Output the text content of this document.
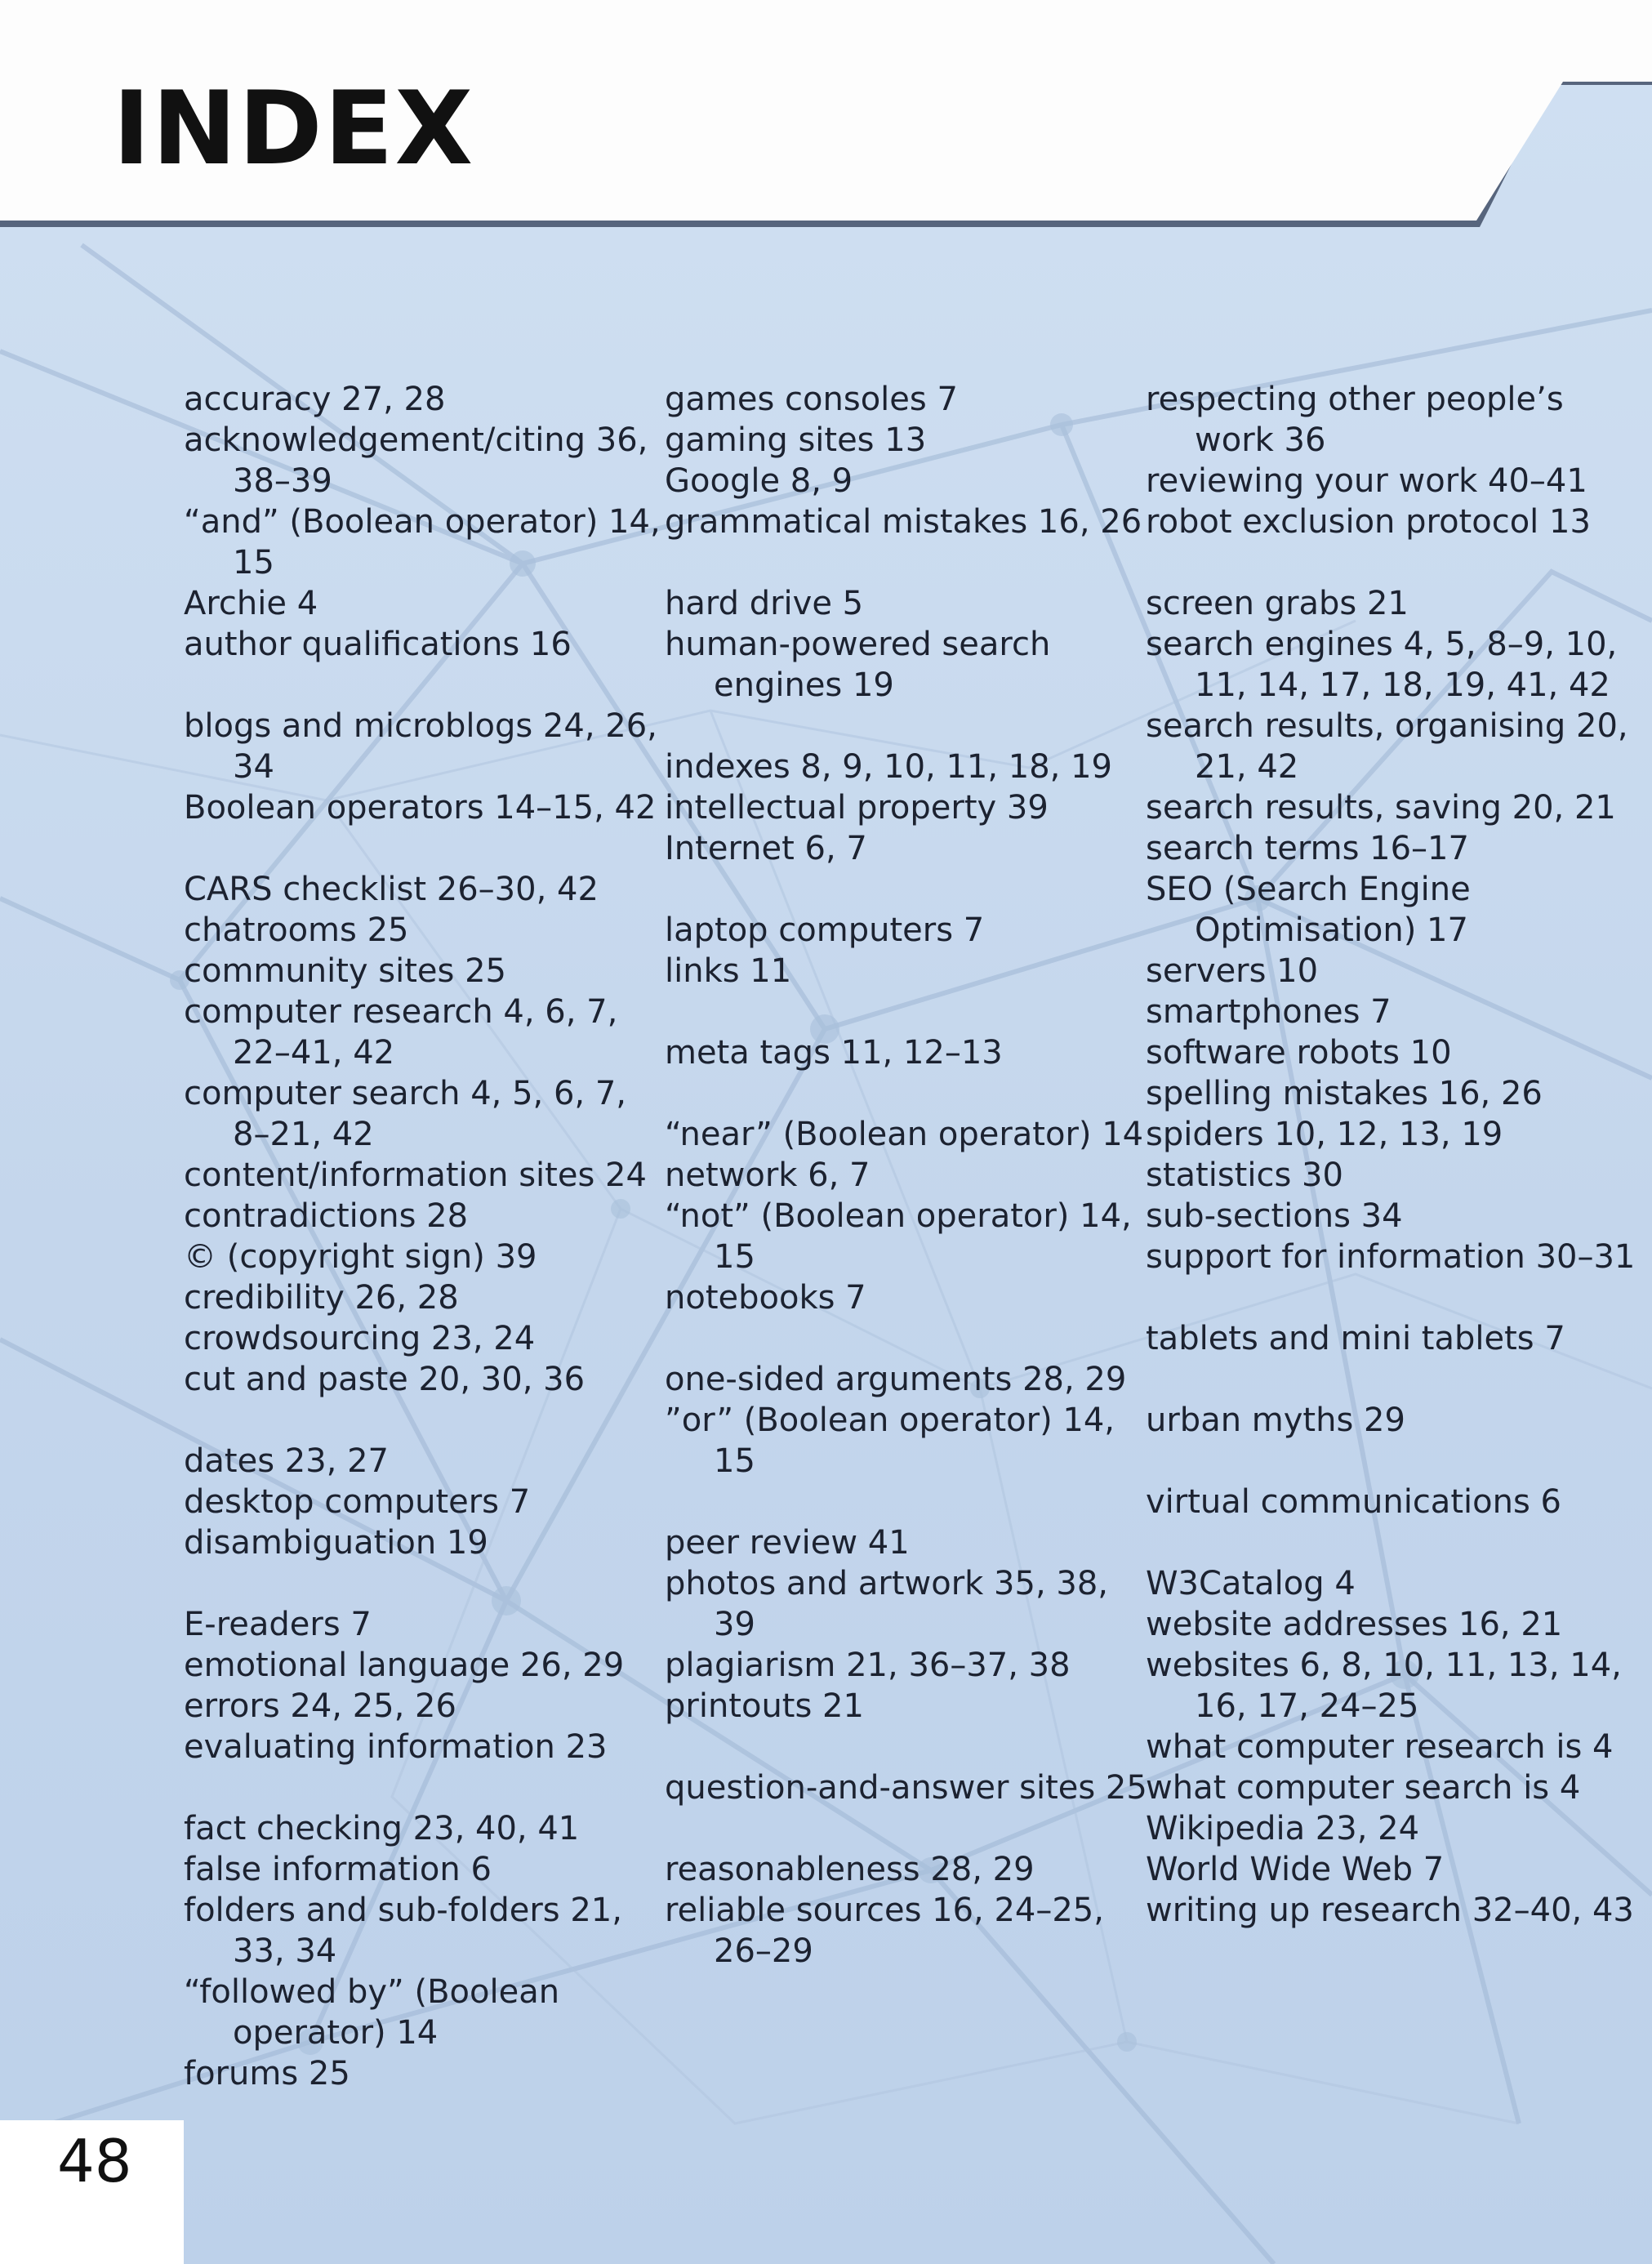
INDEX
accuracy 27, 28
acknowledgement/citing 36, 38–39
“and” (Boolean operator) 14, 15
Archie 4
author qualifications 16
blogs and microblogs 24, 26, 34
Boolean operators 14–15, 42
CARS checklist 26–30, 42
chatrooms 25
community sites 25
computer research 4, 6, 7, 22–41, 42
computer search 4, 5, 6, 7, 8–21, 42
content/information sites 24
contradictions 28
© (copyright sign) 39
credibility 26, 28
crowdsourcing 23, 24
cut and paste 20, 30, 36
dates 23, 27
desktop computers 7
disambiguation 19
E-readers 7
emotional language 26, 29
errors 24, 25, 26
evaluating information 23
fact checking 23, 40, 41
false information 6
folders and sub-folders 21, 33, 34
“followed by” (Boolean operator) 14
forums 25
games consoles 7
gaming sites 13
Google 8, 9
grammatical mistakes 16, 26
hard drive 5
human-powered search engines 19
indexes 8, 9, 10, 11, 18, 19
intellectual property 39
Internet 6, 7
laptop computers 7
links 11
meta tags 11, 12–13
“near” (Boolean operator) 14
network 6, 7
“not” (Boolean operator) 14, 15
notebooks 7
one-sided arguments 28, 29
”or” (Boolean operator) 14, 15
peer review 41
photos and artwork 35, 38, 39
plagiarism 21, 36–37, 38
printouts 21
question-and-answer sites 25
reasonableness 28, 29
reliable sources 16, 24–25, 26–29
respecting other people’s work 36
reviewing your work 40–41
robot exclusion protocol 13
screen grabs 21
search engines 4, 5, 8–9, 10, 11, 14, 17, 18, 19, 41, 42
search results, organising 20, 21, 42
search results, saving 20, 21
search terms 16–17
SEO (Search Engine Optimisation) 17
servers 10
smartphones 7
software robots 10
spelling mistakes 16, 26
spiders 10, 12, 13, 19
statistics 30
sub-sections 34
support for information 30–31
tablets and mini tablets 7
urban myths 29
virtual communications 6
W3Catalog 4
website addresses 16, 21
websites 6, 8, 10, 11, 13, 14, 16, 17, 24–25
what computer research is 4
what computer search is 4
Wikipedia 23, 24
World Wide Web 7
writing up research 32–40, 43
48
